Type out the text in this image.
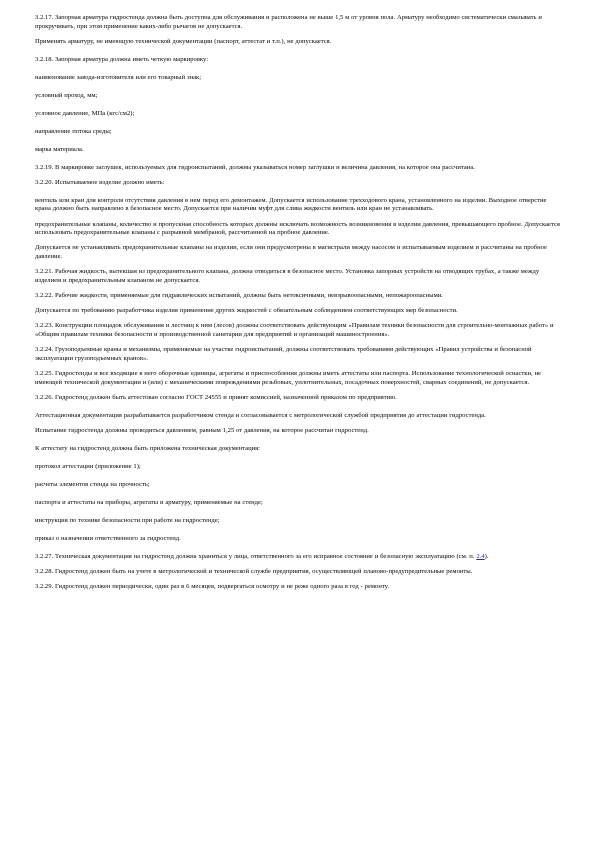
3.2.17. Запорная арматура гидростенда должна быть доступна для обслуживания и расположена не выше 1,5 м от уровня пола. Арматуру необходимо систематически смазывать и прокручивать, при этом применение каких-либо рычагов не допускается.

Применять арматуру, не имеющую технической документации (паспорт, аттестат и т.п.), не допускается.

3.2.18. Запорная арматура должна иметь четкую маркировку:

наименование завода-изготовителя или его товарный знак;

условный проход, мм;

условное давление, МПа (кгс/см2);

направление потока среды;

марка материала.

3.2.19. В маркировке заглушек, используемых для гидроиспытаний, должны указываться номер заглушки и величина давления, на которое она рассчитана.

3.2.20. Испытываемое изделие должно иметь:

вентиль или кран для контроля отсутствия давления в нем перед его демонтажем. Допускается использование трехходового крана, установленного на изделии. Выходное отверстие крана должно быть направлено в безопасное место. Допускается при наличии муфт для слива жидкости вентиль или кран не устанавливать.

предохранительные клапаны, количество и пропускная способность которых должны исключать возможность возникновения в изделии давления, превышающего пробное. Допускается использовать предохранительные клапаны с разрывной мембраной, рассчитанной на пробное давление.

Допускается не устанавливать предохранительные клапаны на изделии, если они предусмотрены в магистрали между насосом и испытываемым изделием и рассчитаны на пробное давление.

3.2.21. Рабочая жидкость, вытекшая из предохранительного клапана, должна отводиться в безопасное место. Установка запорных устройств на отводящих трубах, а также между изделием и предохранительным клапаном не допускается.

3.2.22. Рабочие жидкости, применяемые для гидравлических испытаний, должны быть нетоксичными, невзрывоопасными, непожароопасными.

Допускается по требованию разработчика изделия применение других жидкостей с обязательным соблюдением соответствующих мер безопасности.

3.2.23. Конструкции площадок обслуживания и лестниц к ним (лесов) должны соответствовать действующим «Правилам техники безопасности для строительно-монтажных работ» и «Общим правилам техники безопасности и производственной санитарии для предприятий и организаций машиностроения».

3.2.24. Грузоподъемные краны и механизмы, применяемые на участке гидроиспытаний, должны соответствовать требованиям действующих «Правил устройства и безопасной эксплуатации грузоподъемных кранов».

3.2.25. Гидростенды и все входящие в него оборочные единицы, агрегаты и приспособления должны иметь аттестаты или паспорта. Использование технологической оснастки, не имеющей технической документации и (или) с механическими повреждениями резьбовых, уплотнительных, посадочных поверхностей, сварных соединений, не допускается.

3.2.26. Гидростенд должен быть аттестован согласно ГОСТ 24555 и принят комиссией, назначенной приказом по предприятию.

Аттестационная документация разрабатывается разработчиком стенда и согласовывается с метрологической службой предприятия до аттестации гидростенда.

Испытание гидростенда должны проводиться давлением, равным 1,25 от давления, на которое рассчитан гидростенд.

К аттестату на гидростенд должна быть приложена техническая документация:

протокол аттестации (приложение 1);

расчеты элементов стенда на прочность;

паспорта и аттестаты на приборы, агрегаты и арматуру, применяемые на стенде;

инструкция по технике безопасности при работе на гидростенде;

приказ о назначении ответственного за гидростенд.

3.2.27. Техническая документация на гидростенд должна храниться у лица, ответственного за его исправное состояние и безопасную эксплуатацию (см. п. 2.4).

3.2.28. Гидростенд должен быть на учете в метрологической и технической службе предприятия, осуществляющей планово-предупредительные ремонты.

3.2.29. Гидростенд должен периодически, один раз в 6 месяцев, подвергаться осмотру и не реже одного раза в год - ремонту.
